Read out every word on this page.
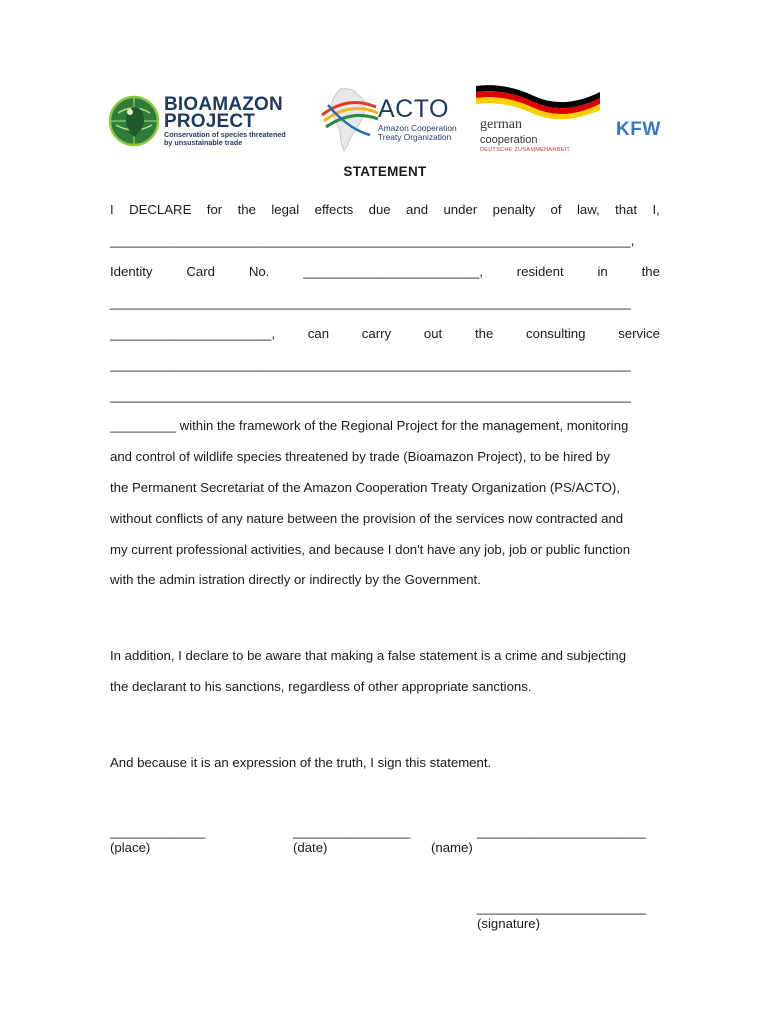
BIOAMAZON
PROJECT
Conservation of species threatened
by unsustainable trade
ACTO
Amazon Cooperation
Treaty Organization
german
cooperation
DEUTSCHE ZUSAMMENARBEIT
KFW
STATEMENT
I DECLARE for the legal effects due and under penalty of law, that I,
_______________________________________________________________________,
Identity	Card	No.	________________________,	resident	in	the
_______________________________________________________________________
______________________, can carry out the consulting service
_______________________________________________________________________
_______________________________________________________________________
_________ within the framework of the Regional Project for the management, monitoring
and control of wildlife species threatened by trade (Bioamazon Project), to be hired by
the Permanent Secretariat of the Amazon Cooperation Treaty Organization (PS/ACTO),
without conflicts of any nature between the provision of the services now contracted and
my current professional activities, and because I don't have any job, job or public function
with the admin istration directly or indirectly by the Government.
In addition, I declare to be aware that making a false statement is a crime and subjecting
the declarant to his sanctions, regardless of other appropriate sanctions.
And because it is an expression of the truth, I sign this statement.
_____________
(place)
________________
(date)
_______________________
(name)
_______________________
(signature)
